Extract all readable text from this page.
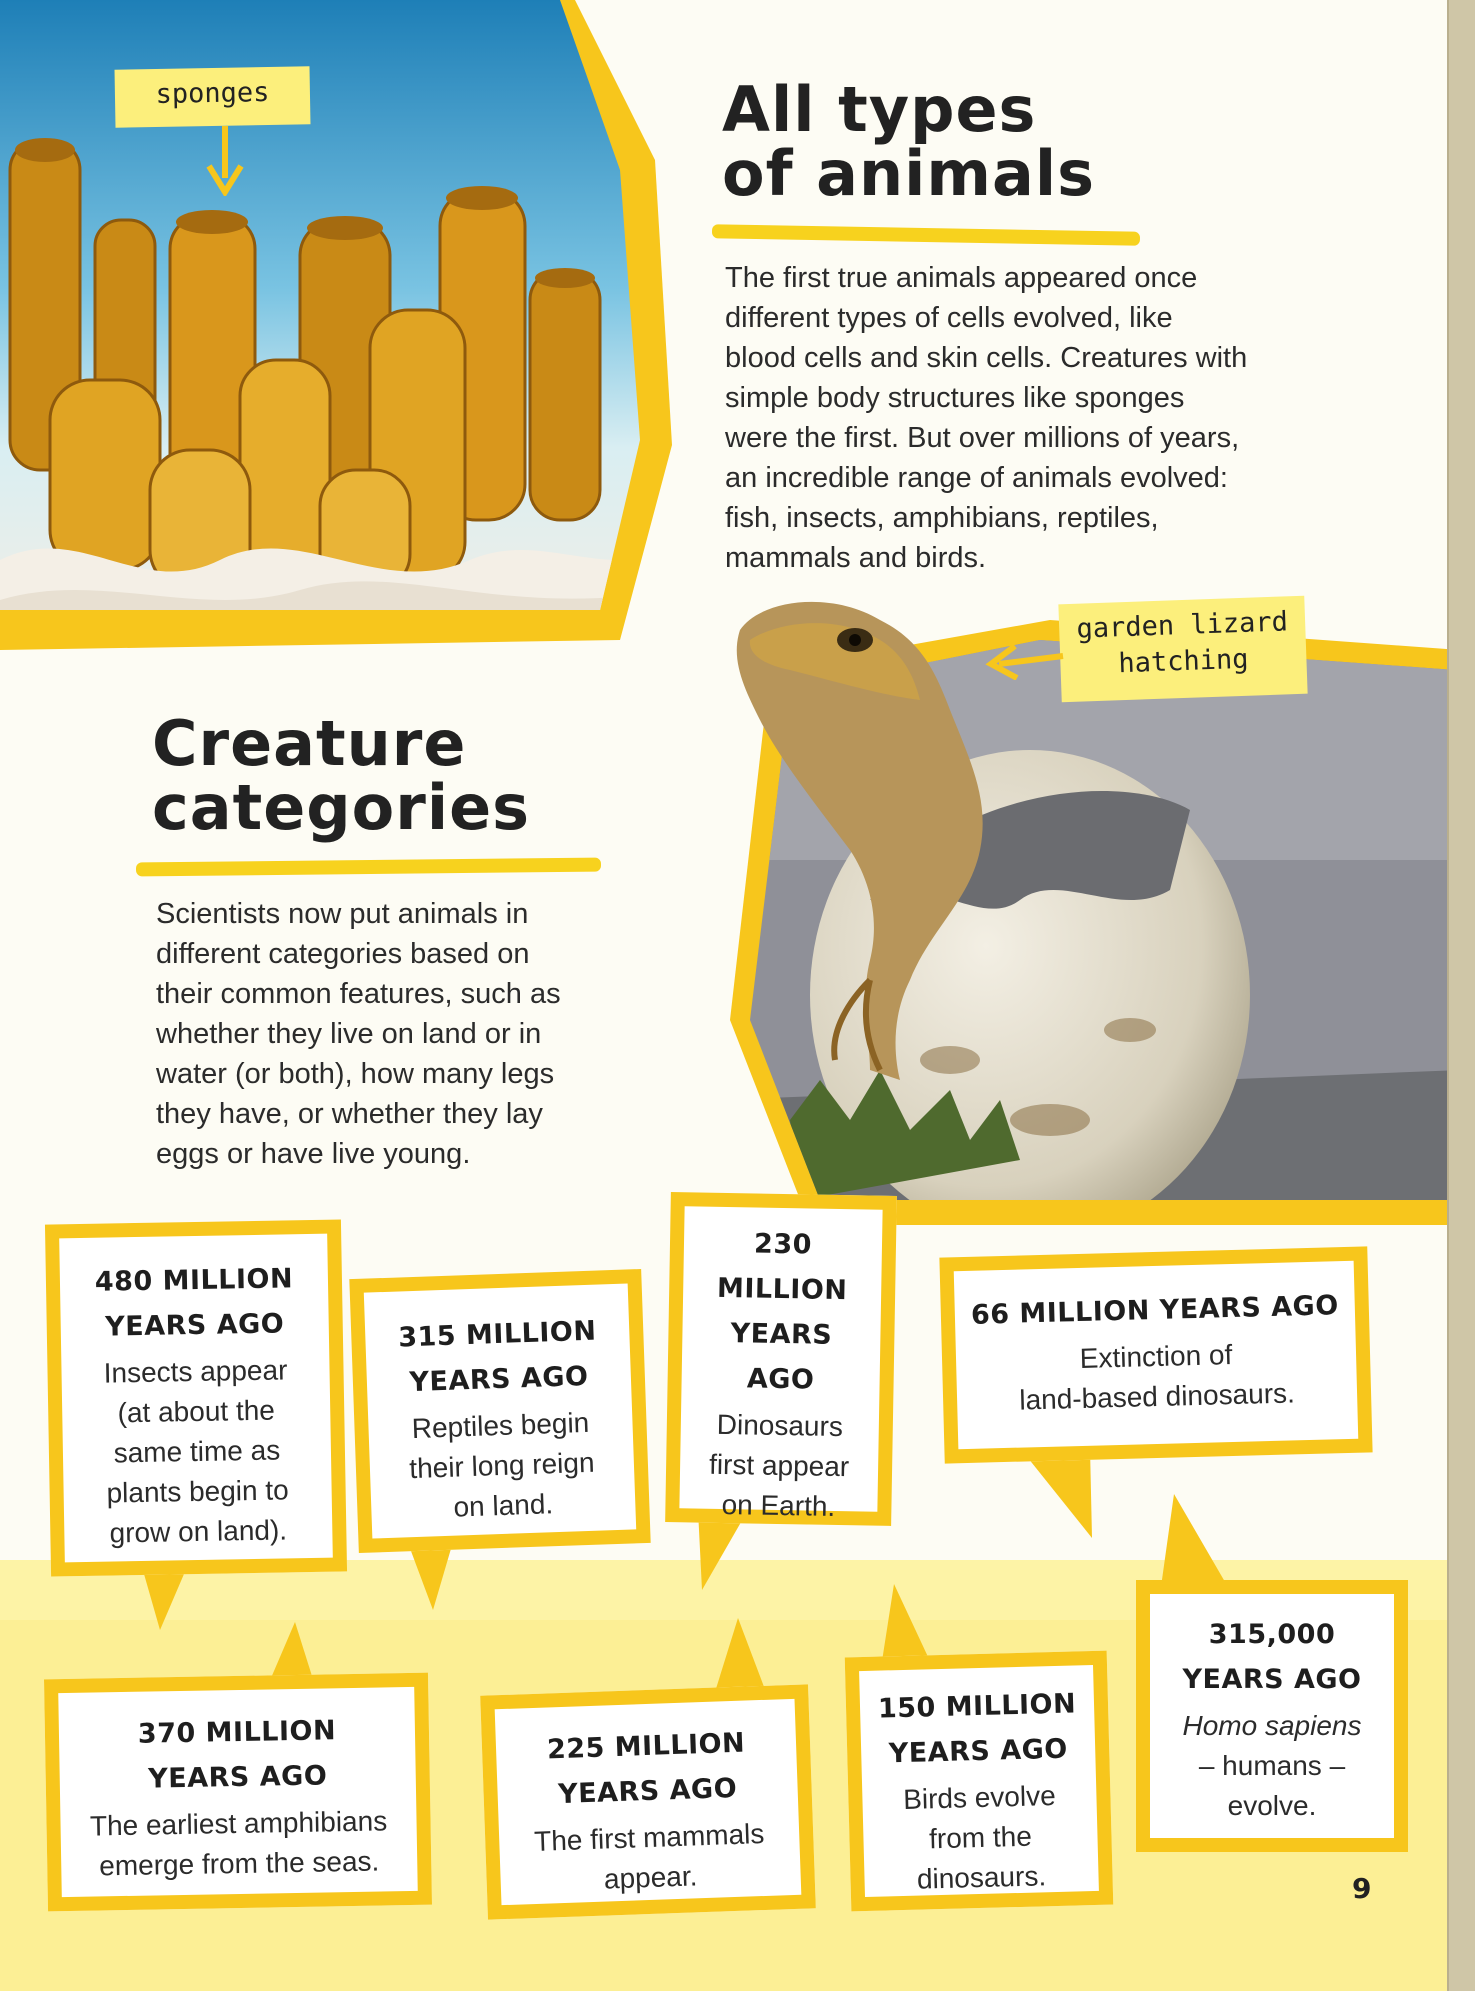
sponges	All types
of animals
The first true animals appeared once
different types of cells evolved, like
blood cells and skin cells. Creatures with
simple body structures like sponges
were the first. But over millions of years,
an incredible range of animals evolved:
fish, insects, amphibians, reptiles,
mammals and birds.
garden lizard
hatching
Creature
categories
Scientists now put animals in
different categories based on
their common features, such as
whether they live on land or in
water (or both), how many legs
they have, or whether they lay
eggs or have live young.
480 MILLION
YEARS AGO
Insects appear
(at about the
same time as
plants begin to
grow on land).
315 MILLION
YEARS AGO
Reptiles begin
their long reign
on land.
230
MILLION
YEARS
AGO
Dinosaurs
first appear
on Earth.
66 MILLION YEARS AGO
Extinction of
land-based dinosaurs.
370 MILLION
YEARS AGO
The earliest amphibians
emerge from the seas.
225 MILLION
YEARS AGO
The first mammals
appear.
150 MILLION
YEARS AGO
Birds evolve
from the
dinosaurs.
315,000
YEARS AGO
Homo sapiens
– humans –
evolve.
9
